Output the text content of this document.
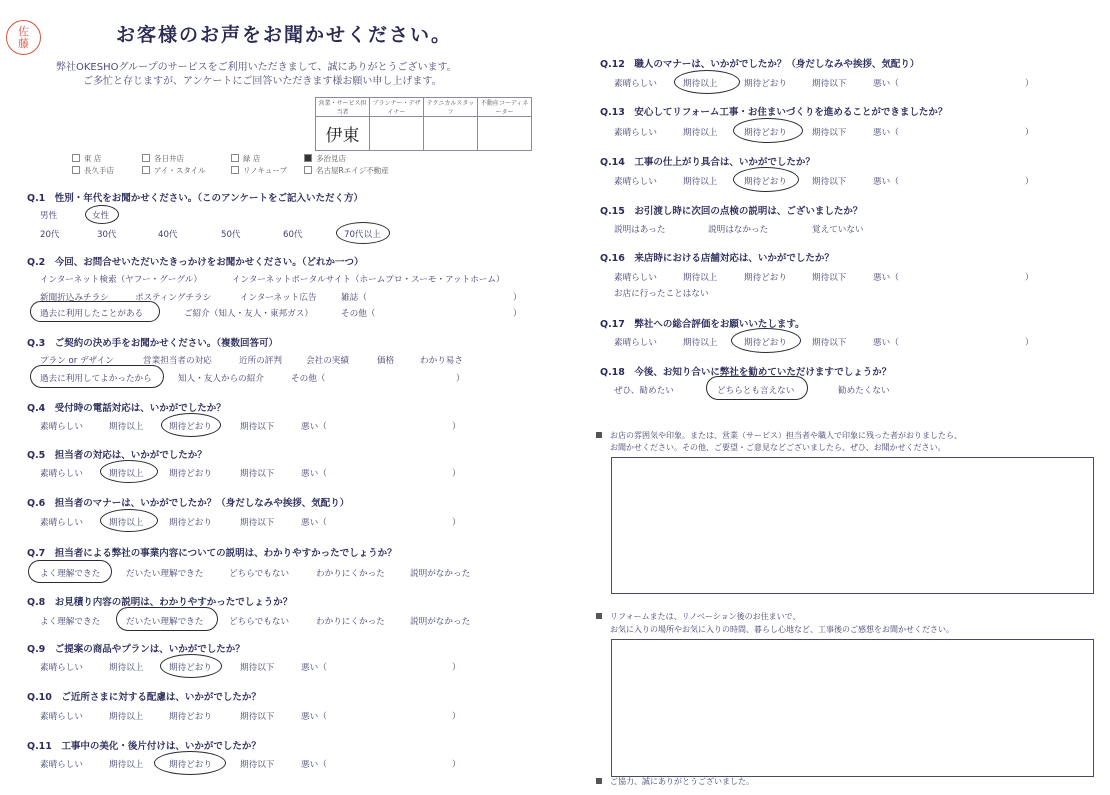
佐
藤	お客様のお声をお聞かせください。
弊社OKESHOグループのサービスをご利用いただきまして、誠にありがとうございます。
ご多忙と存じますが、アンケートにご回答いただきます様お願い申し上げます。
営業・サービス担当者	プランナー・デザイナー	テクニカルスタッフ	不動産コーディネーター
伊東			
東 店	各日井店	緑 店	多治見店
長久手店	アイ・スタイル	リノキューブ	名古屋Rエイジ不動産
Q.1　性別・年代をお聞かせください。（このアンケートをご記入いただく方）
男性	女性
20代	30代	40代	50代	60代	70代以上
Q.2　今回、お問合せいただいたきっかけをお聞かせください。（どれか一つ）
インターネット検索（ヤフー・グーグル）	インターネットポータルサイト（ホームプロ・スーモ・アットホーム）
新聞折込みチラシ	ポスティングチラシ	インターネット広告	雑誌（	）
過去に利用したことがある	ご紹介（知人・友人・東邦ガス）	その他（	）
Q.3　ご契約の決め手をお聞かせください。（複数回答可）
プラン or デザイン	営業担当者の対応	近所の評判	会社の実績	価格	わかり易さ
過去に利用してよかったから	知人・友人からの紹介	その他（	）
Q.4　受付時の電話対応は、いかがでしたか？
素晴らしい	期待以上	期待どおり	期待以下	悪い（	）
Q.5　担当者の対応は、いかがでしたか？
素晴らしい	期待以上	期待どおり	期待以下	悪い（	）
Q.6　担当者のマナーは、いかがでしたか？（身だしなみや挨拶、気配り）
素晴らしい	期待以上	期待どおり	期待以下	悪い（	）
Q.7　担当者による弊社の事業内容についての説明は、わかりやすかったでしょうか？
よく理解できた	だいたい理解できた	どちらでもない	わかりにくかった	説明がなかった
Q.8　お見積り内容の説明は、わかりやすかったでしょうか？
よく理解できた	だいたい理解できた	どちらでもない	わかりにくかった	説明がなかった
Q.9　ご提案の商品やプランは、いかがでしたか？
素晴らしい	期待以上	期待どおり	期待以下	悪い（	）
Q.10　ご近所さまに対する配慮は、いかがでしたか？
素晴らしい	期待以上	期待どおり	期待以下	悪い（	）
Q.11　工事中の美化・後片付けは、いかがでしたか？
素晴らしい	期待以上	期待どおり	期待以下	悪い（	）
Q.12　職人のマナーは、いかがでしたか？（身だしなみや挨拶、気配り）
素晴らしい	期待以上	期待どおり	期待以下	悪い（	）
Q.13　安心してリフォーム工事・お住まいづくりを進めることができましたか？
素晴らしい	期待以上	期待どおり	期待以下	悪い（	）
Q.14　工事の仕上がり具合は、いかがでしたか？
素晴らしい	期待以上	期待どおり	期待以下	悪い（	）
Q.15　お引渡し時に次回の点検の説明は、ございましたか？
説明はあった	説明はなかった	覚えていない
Q.16　来店時における店舗対応は、いかがでしたか？
素晴らしい	期待以上	期待どおり	期待以下	悪い（	）
お店に行ったことはない
Q.17　弊社への総合評価をお願いいたします。
素晴らしい	期待以上	期待どおり	期待以下	悪い（	）
Q.18　今後、お知り合いに弊社を勧めていただけますでしょうか？
ぜひ、勧めたい	どちらとも言えない	勧めたくない
お店の雰囲気や印象。または、営業（サービス）担当者や職人で印象に残った者がおりましたら、
お聞かせください。その他、ご要望・ご意見などございましたら、ぜひ、お聞かせください。
リフォームまたは、リノベーション後のお住まいで、
お気に入りの場所やお気に入りの時間、暮らし心地など、工事後のご感想をお聞かせください。
ご協力、誠にありがとうございました。
